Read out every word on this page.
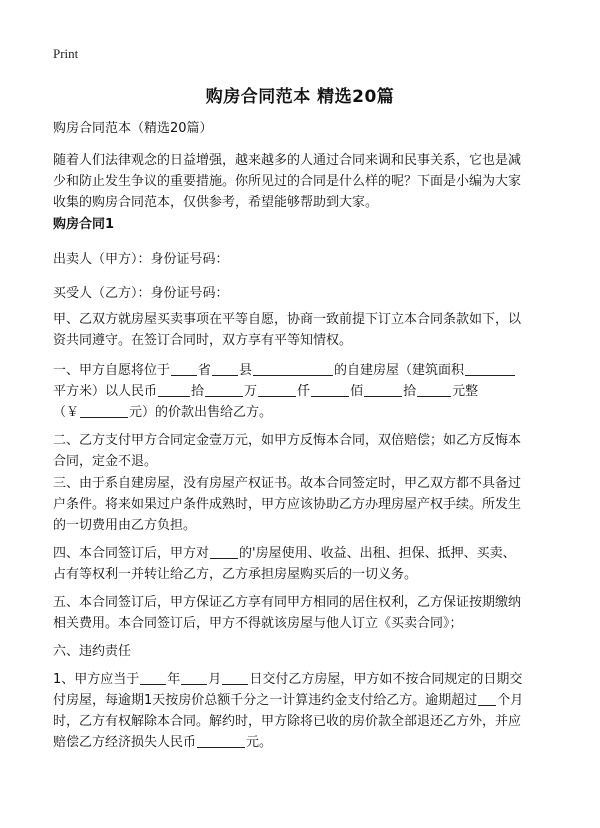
Print
购房合同范本 精选20篇
购房合同范本（精选20篇）
随着人们法律观念的日益增强，越来越多的人通过合同来调和民事关系，它也是减
少和防止发生争议的重要措施。你所见过的合同是什么样的呢？下面是小编为大家
收集的购房合同范本，仅供参考，希望能够帮助到大家。
购房合同1
出卖人（甲方）：身份证号码：
买受人（乙方）：身份证号码：
甲、乙双方就房屋买卖事项在平等自愿，协商一致前提下订立本合同条款如下，以
资共同遵守。在签订合同时，双方享有平等知情权。
一、甲方自愿将位于 省 县	的自建房屋（建筑面积
平方米）以人民币	拾	万	仟	佰	拾	元整
（￥	元）的价款出售给乙方。
二、乙方支付甲方合同定金壹万元，如甲方反悔本合同，双倍赔偿；如乙方反悔本
合同，定金不退。
三、由于系自建房屋，没有房屋产权证书。故本合同签定时，甲乙双方都不具备过
户条件。将来如果过户条件成熟时，甲方应该协助乙方办理房屋产权手续。所发生
的一切费用由乙方负担。
四、本合同签订后，甲方对 的'房屋使用、收益、出租、担保、抵押、买卖、
占有等权利一并转让给乙方，乙方承担房屋购买后的一切义务。
五、本合同签订后，甲方保证乙方享有同甲方相同的居住权利，乙方保证按期缴纳
相关费用。本合同签订后，甲方不得就该房屋与他人订立《买卖合同》；
六、违约责任
1、甲方应当于 年 月 日交付乙方房屋，甲方如不按合同规定的日期交
付房屋，每逾期1天按房价总额千分之一计算违约金支付给乙方。逾期超过 个月
时，乙方有权解除本合同。解约时，甲方除将已收的房价款全部退还乙方外，并应
赔偿乙方经济损失人民币	元。
